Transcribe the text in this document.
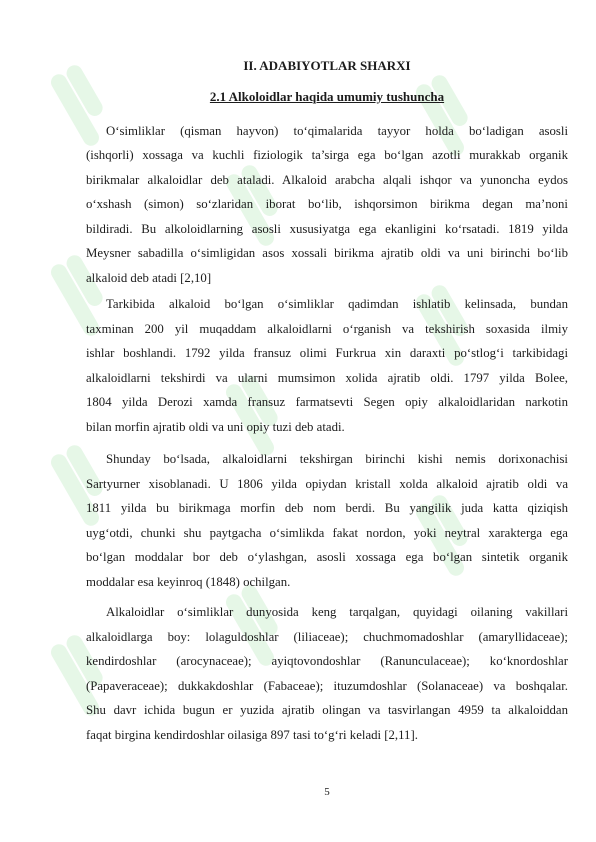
II. ADABIYOTLAR SHARXI
2.1 Alkoloidlar haqida umumiy tushuncha
O‘simliklar (qisman hayvon) to‘qimalarida tayyor holda bo‘ladigan asosli
(ishqorli) xossaga va kuchli fiziologik ta’sirga ega bo‘lgan azotli murakkab organik
birikmalar alkaloidlar deb ataladi. Alkaloid arabcha alqali ishqor va yunoncha eydos
o‘xshash (simon) so‘zlaridan iborat bo‘lib, ishqorsimon birikma degan ma’noni
bildiradi. Bu alkoloidlarning asosli xususiyatga ega ekanligini ko‘rsatadi. 1819 yilda
Meysner sabadilla o‘simligidan asos xossali birikma ajratib oldi va uni birinchi bo‘lib
alkaloid deb atadi [2,10]
Tarkibida alkaloid bo‘lgan o‘simliklar qadimdan ishlatib kelinsada, bundan
taxminan 200 yil muqaddam alkaloidlarni o‘rganish va tekshirish soxasida ilmiy
ishlar boshlandi. 1792 yilda fransuz olimi Furkrua xin daraxti po‘stlog‘i tarkibidagi
alkaloidlarni tekshirdi va ularni mumsimon xolida ajratib oldi. 1797 yilda Bolee,
1804 yilda Derozi xamda fransuz farmatsevti Segen opiy alkaloidlaridan narkotin
bilan morfin ajratib oldi va uni opiy tuzi deb atadi.
Shunday bo‘lsada, alkaloidlarni tekshirgan birinchi kishi nemis dorixonachisi
Sartyurner xisoblanadi. U 1806 yilda opiydan kristall xolda alkaloid ajratib oldi va
1811 yilda bu birikmaga morfin deb nom berdi. Bu yangilik juda katta qiziqish
uyg‘otdi, chunki shu paytgacha o‘simlikda fakat nordon, yoki neytral xarakterga ega
bo‘lgan moddalar bor deb o‘ylashgan, asosli xossaga ega bo‘lgan sintetik organik
moddalar esa keyinroq (1848) ochilgan.
Alkaloidlar o‘simliklar dunyosida keng tarqalgan, quyidagi oilaning vakillari
alkaloidlarga boy: lolaguldoshlar (liliaceae); chuchmomadoshlar (amaryllidaceae);
kendirdoshlar (arocynaceae); ayiqtovondoshlar (Ranunculaceae); ko‘knordoshlar
(Papaveraceae); dukkakdoshlar (Fabaceae); ituzumdoshlar (Solanaceae) va boshqalar.
Shu davr ichida bugun er yuzida ajratib olingan va tasvirlangan 4959 ta alkaloiddan
faqat birgina kendirdoshlar oilasiga 897 tasi to‘g‘ri keladi [2,11].
5
